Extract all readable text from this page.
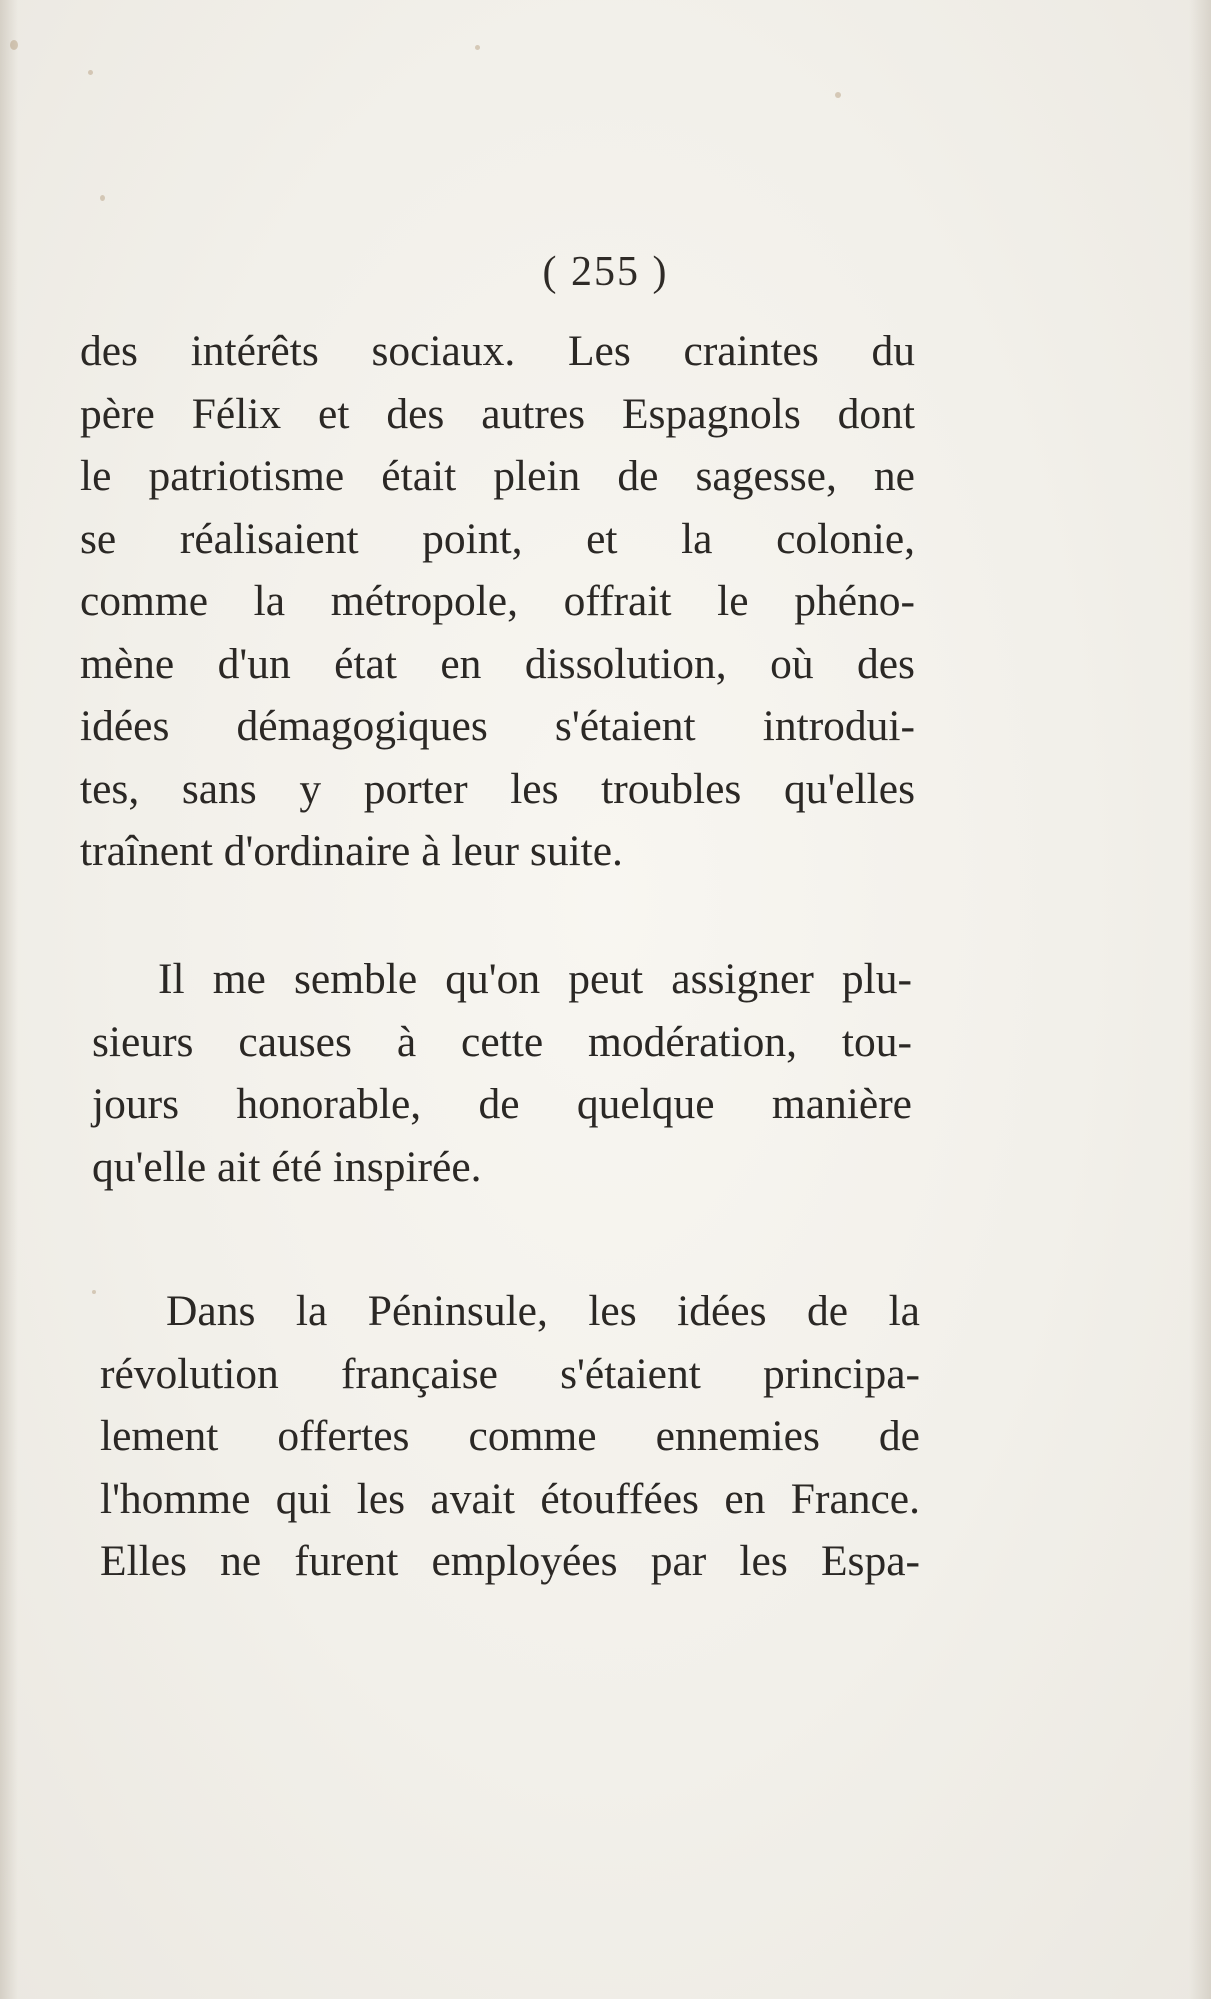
( 255 )
des intérêts sociaux. Les craintes du
père Félix et des autres Espagnols dont
le patriotisme était plein de sagesse, ne
se réalisaient point, et la colonie,
comme la métropole, offrait le phéno-
mène d'un état en dissolution, où des
idées démagogiques s'étaient introdui-
tes, sans y porter les troubles qu'elles
traînent d'ordinaire à leur suite.
Il me semble qu'on peut assigner plu-
sieurs causes à cette modération, tou-
jours honorable, de quelque manière
qu'elle ait été inspirée.
Dans la Péninsule, les idées de la
révolution française s'étaient principa-
lement offertes comme ennemies de
l'homme qui les avait étouffées en France.
Elles ne furent employées par les Espa-
